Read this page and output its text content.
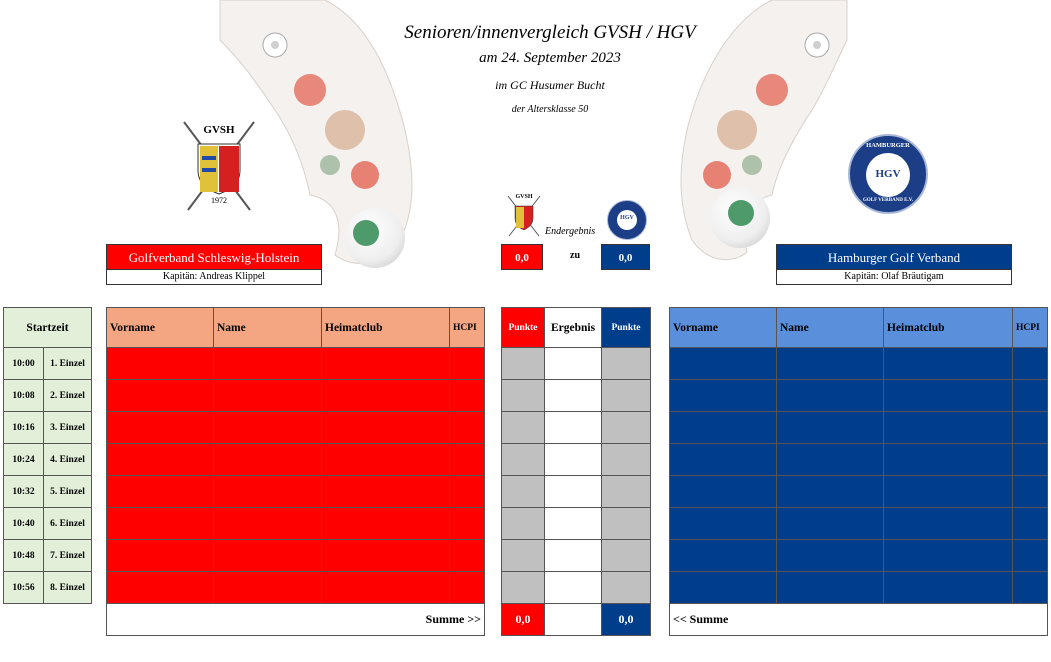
Senioren/innenvergleich GVSH / HGV
am 24. September 2023
im GC Husumer Bucht
der Altersklasse 50
GVSH
1972
HAMBURGER
HGV
GOLF VERBAND E.V.
GVSH
HGV
Endergebnis
0,0	zu	0,0
Golfverband Schleswig-Holstein
Kapitän: Andreas Klippel
Hamburger Golf Verband
Kapitän: Olaf Bräutigam
Startzeit	
10:00	1. Einzel
10:08	2. Einzel
10:16	3. Einzel
10:24	4. Einzel
10:32	5. Einzel
10:40	6. Einzel
10:48	7. Einzel
10:56	8. Einzel
Vorname	Name	Heimatclub	HCPI

Summe >>			
Punkte	Ergebnis	Punkte

0,0		0,0
Vorname	Name	Heimatclub	HCPI

<< Summe			
